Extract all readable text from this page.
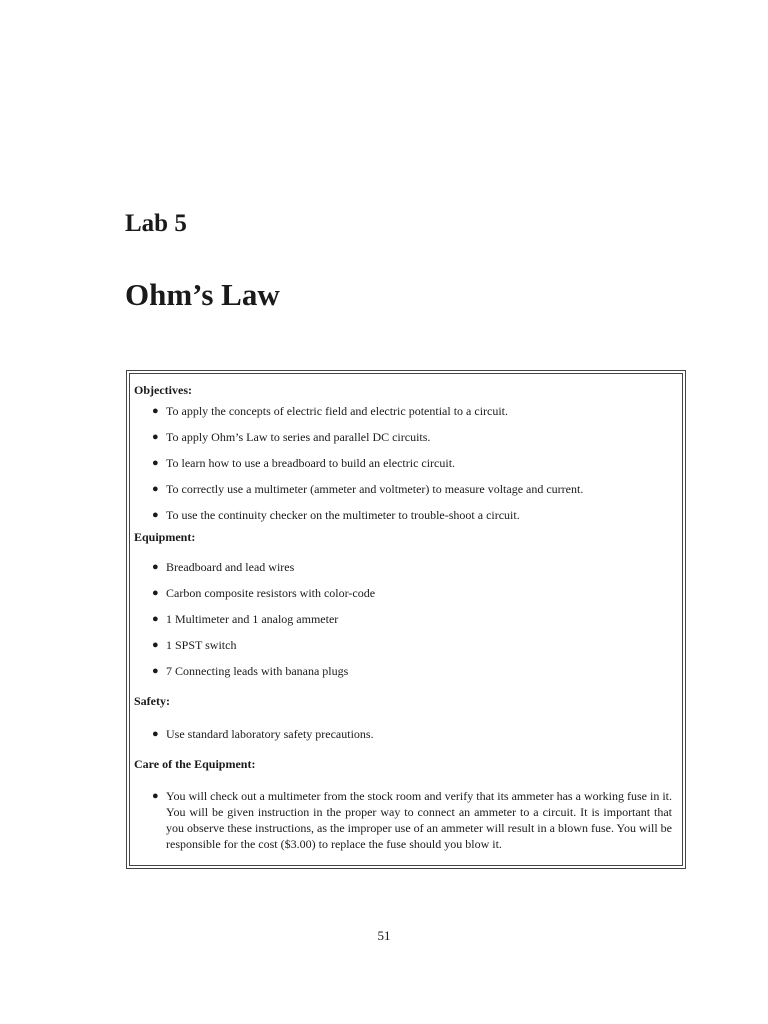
Lab 5
Ohm’s Law
Objectives:
● To apply the concepts of electric field and electric potential to a circuit.
● To apply Ohm’s Law to series and parallel DC circuits.
● To learn how to use a breadboard to build an electric circuit.
● To correctly use a multimeter (ammeter and voltmeter) to measure voltage and current.
● To use the continuity checker on the multimeter to trouble-shoot a circuit.
Equipment:
● Breadboard and lead wires
● Carbon composite resistors with color-code
● 1 Multimeter and 1 analog ammeter
● 1 SPST switch
● 7 Connecting leads with banana plugs
Safety:
● Use standard laboratory safety precautions.
Care of the Equipment:
● You will check out a multimeter from the stock room and verify that its ammeter has a working fuse in it. You will be given instruction in the proper way to connect an ammeter to a circuit. It is important that you observe these instructions, as the improper use of an ammeter will result in a blown fuse. You will be responsible for the cost ($3.00) to replace the fuse should you blow it.
51
